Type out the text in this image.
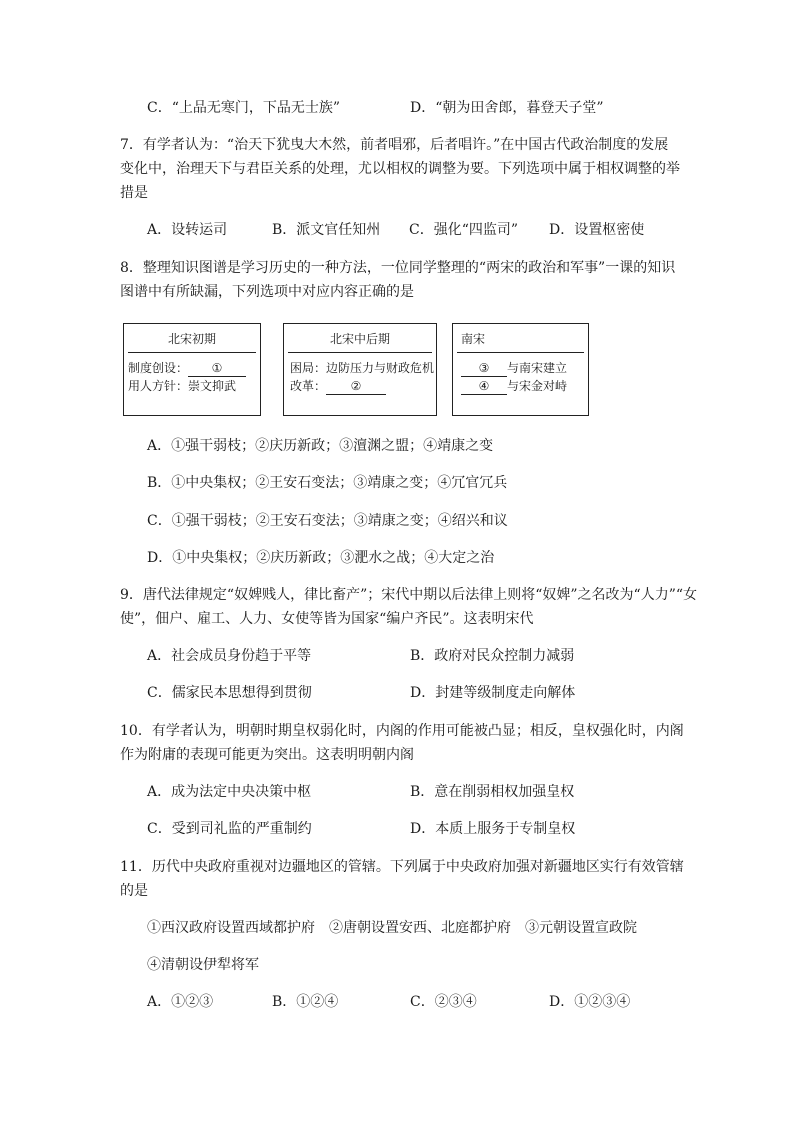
C．“上品无寒门，下品无士族”	D．“朝为田舍郎，暮登天子堂”
7．有学者认为：“治天下犹曳大木然，前者唱邪，后者唱许。”在中国古代政治制度的发展
变化中，治理天下与君臣关系的处理，尤以相权的调整为要。下列选项中属于相权调整的举
措是
A．设转运司	B．派文官任知州 C．强化“四监司” D．设置枢密使
8．整理知识图谱是学习历史的一种方法，一位同学整理的“两宋的政治和军事”一课的知识
图谱中有所缺漏，下列选项中对应内容正确的是
北宋初期
制度创设： ①
用人方针：崇文抑武
北宋中后期
困局：边防压力与财政危机
改革： ②
南宋
③ 与南宋建立
④ 与宋金对峙
A．①强干弱枝；②庆历新政；③澶渊之盟；④靖康之变
B．①中央集权；②王安石变法；③靖康之变；④冗官冗兵
C．①强干弱枝；②王安石变法；③靖康之变；④绍兴和议
D．①中央集权；②庆历新政；③淝水之战；④大定之治
9．唐代法律规定“奴婢贱人，律比畜产”；宋代中期以后法律上则将“奴婢”之名改为“人力”“女
使”，佃户、雇工、人力、女使等皆为国家“编户齐民”。这表明宋代
A．社会成员身份趋于平等	B．政府对民众控制力减弱
C．儒家民本思想得到贯彻	D．封建等级制度走向解体
10．有学者认为，明朝时期皇权弱化时，内阁的作用可能被凸显；相反，皇权强化时，内阁
作为附庸的表现可能更为突出。这表明明朝内阁
A．成为法定中央决策中枢	B．意在削弱相权加强皇权
C．受到司礼监的严重制约	D．本质上服务于专制皇权
11．历代中央政府重视对边疆地区的管辖。下列属于中央政府加强对新疆地区实行有效管辖
的是
①西汉政府设置西域都护府　②唐朝设置安西、北庭都护府　③元朝设置宣政院
④清朝设伊犁将军
A．①②③	B．①②④	C．②③④	D．①②③④
